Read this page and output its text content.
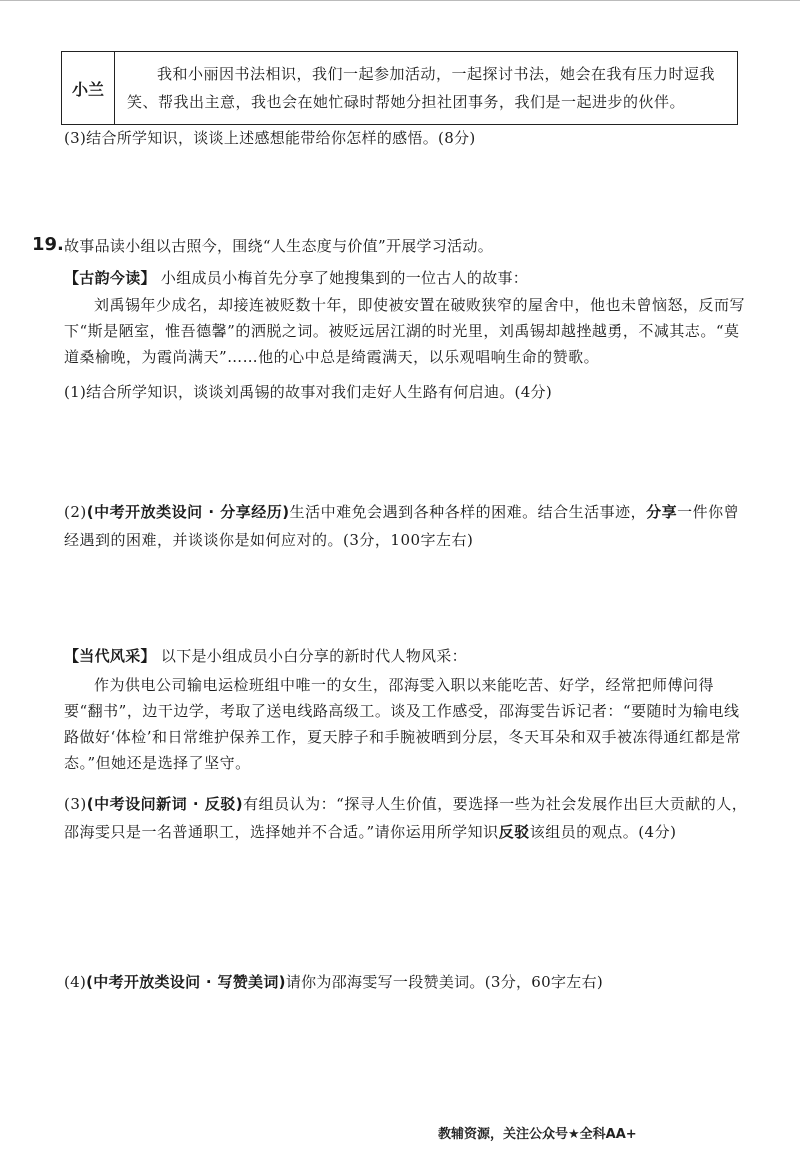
小兰	我和小丽因书法相识，我们一起参加活动，一起探讨书法，她会在我有压力时逗我笑、帮我出主意，我也会在她忙碌时帮她分担社团事务，我们是一起进步的伙伴。
(3)结合所学知识，谈谈上述感想能带给你怎样的感悟。(8分)
19. 故事品读小组以古照今，围绕“人生态度与价值”开展学习活动。
【古韵今读】 小组成员小梅首先分享了她搜集到的一位古人的故事：
刘禹锡年少成名，却接连被贬数十年，即使被安置在破败狭窄的屋舍中，他也未曾恼怒，反而写下“斯是陋室，惟吾德馨”的洒脱之词。被贬远居江湖的时光里，刘禹锡却越挫越勇，不减其志。“莫道桑榆晚，为霞尚满天”……他的心中总是绮霞满天，以乐观唱响生命的赞歌。
(1)结合所学知识，谈谈刘禹锡的故事对我们走好人生路有何启迪。(4分)
(2)(中考开放类设问 · 分享经历)生活中难免会遇到各种各样的困难。结合生活事迹，分享一件你曾经遇到的困难，并谈谈你是如何应对的。(3分，100字左右)
【当代风采】 以下是小组成员小白分享的新时代人物风采：
作为供电公司输电运检班组中唯一的女生，邵海雯入职以来能吃苦、好学，经常把师傅问得要“翻书”，边干边学，考取了送电线路高级工。谈及工作感受，邵海雯告诉记者：“要随时为输电线路做好‘体检’和日常维护保养工作，夏天脖子和手腕被晒到分层，冬天耳朵和双手被冻得通红都是常态。”但她还是选择了坚守。
(3)(中考设问新词 · 反驳)有组员认为：“探寻人生价值，要选择一些为社会发展作出巨大贡献的人，邵海雯只是一名普通职工，选择她并不合适。”请你运用所学知识反驳该组员的观点。(4分)
(4)(中考开放类设问 · 写赞美词)请你为邵海雯写一段赞美词。(3分，60字左右)
教辅资源，关注公众号★全科AA+
